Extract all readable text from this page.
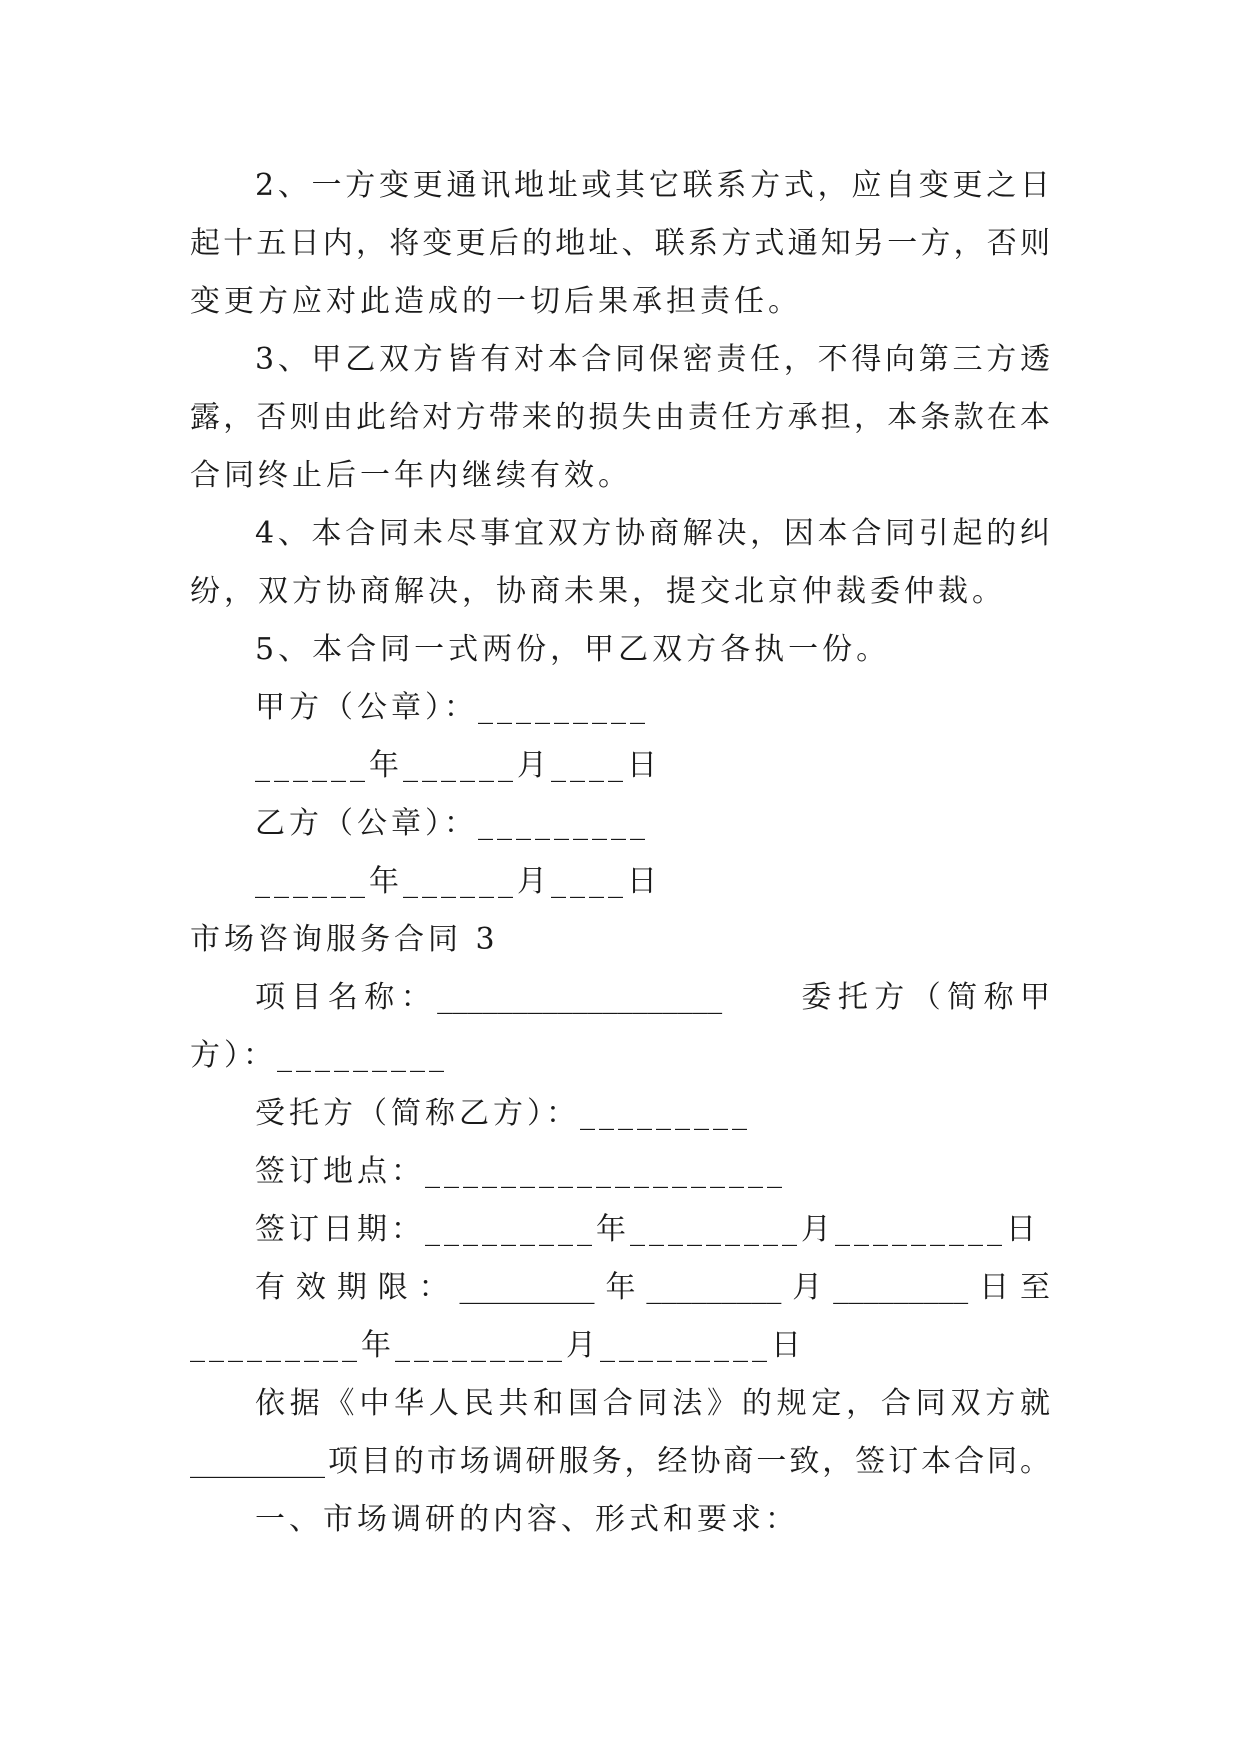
2、一方变更通讯地址或其它联系方式，应自变更之日
起十五日内，将变更后的地址、联系方式通知另一方，否则
变更方应对此造成的一切后果承担责任。
3、甲乙双方皆有对本合同保密责任，不得向第三方透
露，否则由此给对方带来的损失由责任方承担，本条款在本
合同终止后一年内继续有效。
4、本合同未尽事宜双方协商解决，因本合同引起的纠
纷，双方协商解决，协商未果，提交北京仲裁委仲裁。
5、本合同一式两份，甲乙双方各执一份。
甲方（公章）：_________
______年______月____日
乙方（公章）：_________
______年______月____日
市场咨询服务合同 3
项目名称：___________________　　委托方（简称甲
方）：_________
受托方（简称乙方）：_________
签订地点：___________________
签订日期：_________年_________月_________日
有效期限：_________年_________月_________日至
_________年_________月_________日
依据《中华人民共和国合同法》的规定，合同双方就
_________项目的市场调研服务，经协商一致，签订本合同。
一、市场调研的内容、形式和要求：
